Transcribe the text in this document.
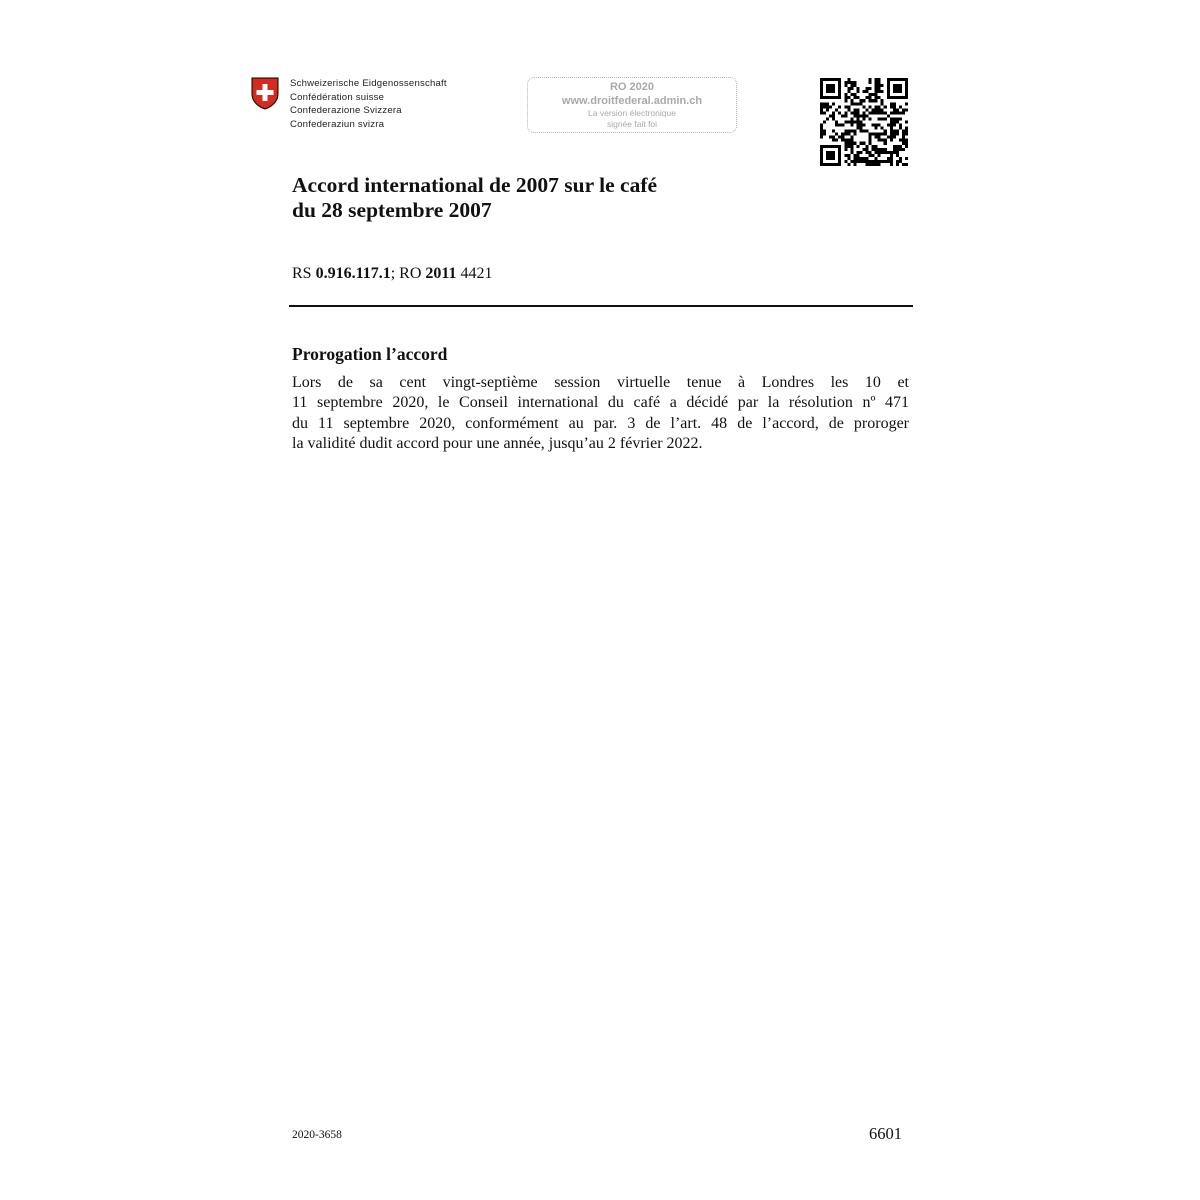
Schweizerische Eidgenossenschaft
Confédération suisse
Confederazione Svizzera
Confederaziun svizra
RO 2020
www.droitfederal.admin.ch
La version électronique
signée fait foi
Accord international de 2007 sur le café
du 28 septembre 2007
RS 0.916.117.1; RO 2011 4421
Prorogation l’accord
Lors de sa cent vingt-septième session virtuelle tenue à Londres les 10 et
11 septembre 2020, le Conseil international du café a décidé par la résolution nº 471
du 11 septembre 2020, conformément au par. 3 de l’art. 48 de l’accord, de proroger
la validité dudit accord pour une année, jusqu’au 2 février 2022.
2020-3658	6601
